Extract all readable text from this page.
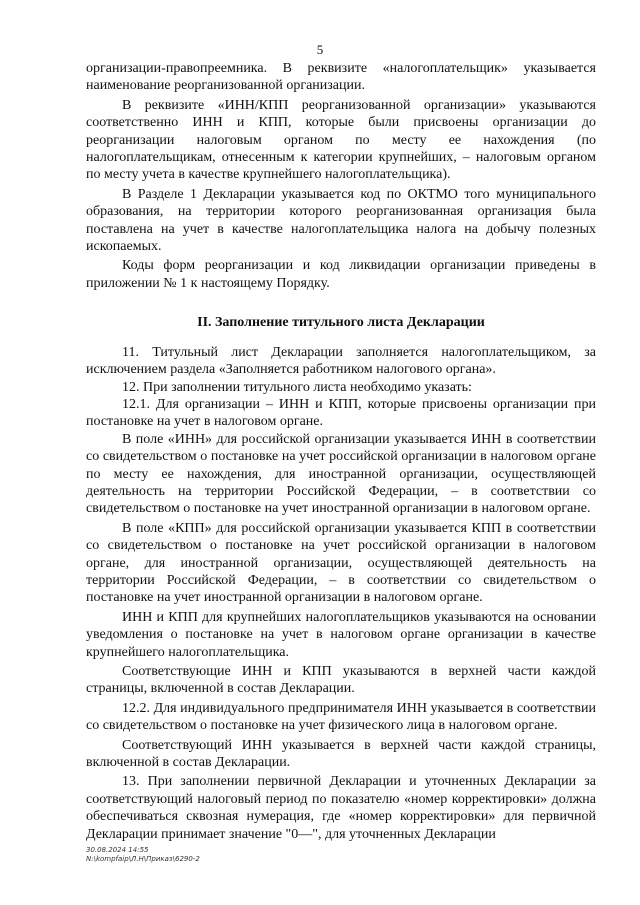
5

организации-правопреемника. В реквизите «налогоплательщик» указывается наименование реорганизованной организации.

В реквизите «ИНН/КПП реорганизованной организации» указываются соответственно ИНН и КПП, которые были присвоены организации до реорганизации налоговым органом по месту ее нахождения (по налогоплательщикам, отнесенным к категории крупнейших, – налоговым органом по месту учета в качестве крупнейшего налогоплательщика).

В Разделе 1 Декларации указывается код по ОКТМО того муниципального образования, на территории которого реорганизованная организация была поставлена на учет в качестве налогоплательщика налога на добычу полезных ископаемых.

Коды форм реорганизации и код ликвидации организации приведены в приложении № 1 к настоящему Порядку.

II. Заполнение титульного листа Декларации

11. Титульный лист Декларации заполняется налогоплательщиком, за исключением раздела «Заполняется работником налогового органа».

12. При заполнении титульного листа необходимо указать:

12.1. Для организации – ИНН и КПП, которые присвоены организации при постановке на учет в налоговом органе.

В поле «ИНН» для российской организации указывается ИНН в соответствии со свидетельством о постановке на учет российской организации в налоговом органе по месту ее нахождения, для иностранной организации, осуществляющей деятельность на территории Российской Федерации, – в соответствии со свидетельством о постановке на учет иностранной организации в налоговом органе.

В поле «КПП» для российской организации указывается КПП в соответствии со свидетельством о постановке на учет российской организации в налоговом органе, для иностранной организации, осуществляющей деятельность на территории Российской Федерации, – в соответствии со свидетельством о постановке на учет иностранной организации в налоговом органе.

ИНН и КПП для крупнейших налогоплательщиков указываются на основании уведомления о постановке на учет в налоговом органе организации в качестве крупнейшего налогоплательщика.

Соответствующие ИНН и КПП указываются в верхней части каждой страницы, включенной в состав Декларации.

12.2. Для индивидуального предпринимателя ИНН указывается в соответствии со свидетельством о постановке на учет физического лица в налоговом органе.

Соответствующий ИНН указывается в верхней части каждой страницы, включенной в состав Декларации.

13. При заполнении первичной Декларации и уточненных Декларации за соответствующий налоговый период по показателю «номер корректировки» должна обеспечиваться сквозная нумерация, где «номер корректировки» для первичной Декларации принимает значение "0—", для уточненных Декларации

30.08.2024 14:55
N:\kompfaip\Л.Н\Приказ\6290-2
